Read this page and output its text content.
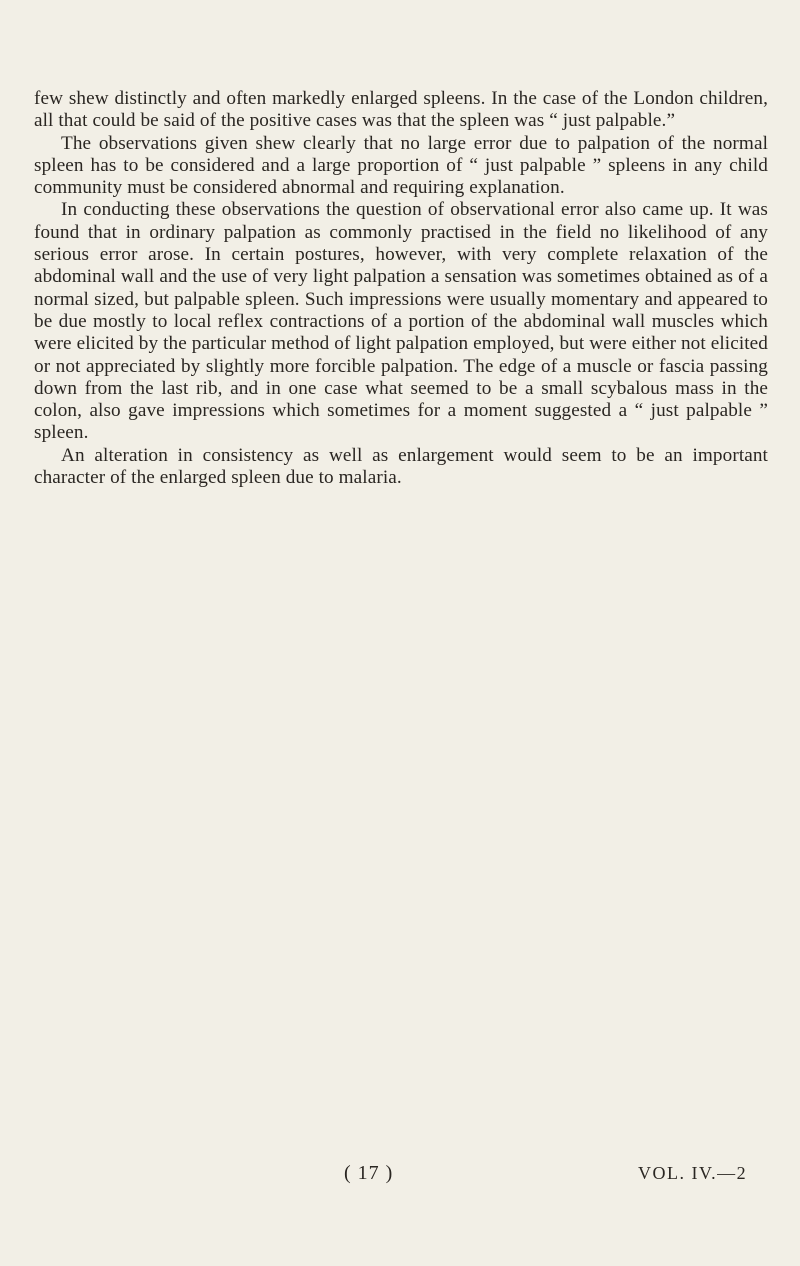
few shew distinctly and often markedly enlarged spleens. In the case of the London children, all that could be said of the positive cases was that the spleen was “ just palpable.”

The observations given shew clearly that no large error due to palpation of the normal spleen has to be considered and a large proportion of “ just palpable ” spleens in any child community must be considered abnormal and requiring explanation.

In conducting these observations the question of observational error also came up. It was found that in ordinary palpation as commonly practised in the field no likelihood of any serious error arose. In certain postures, however, with very complete relaxation of the abdominal wall and the use of very light palpation a sensation was sometimes obtained as of a normal sized, but palpable spleen. Such impressions were usually momentary and appeared to be due mostly to local reflex contractions of a portion of the abdominal wall muscles which were elicited by the particular method of light palpation employed, but were either not elicited or not appreciated by slightly more forcible palpation. The edge of a muscle or fascia passing down from the last rib, and in one case what seemed to be a small scybalous mass in the colon, also gave impressions which sometimes for a moment suggested a “ just palpable ” spleen.

An alteration in consistency as well as enlargement would seem to be an important character of the enlarged spleen due to malaria.

( 17 )	VOL. IV.—2
